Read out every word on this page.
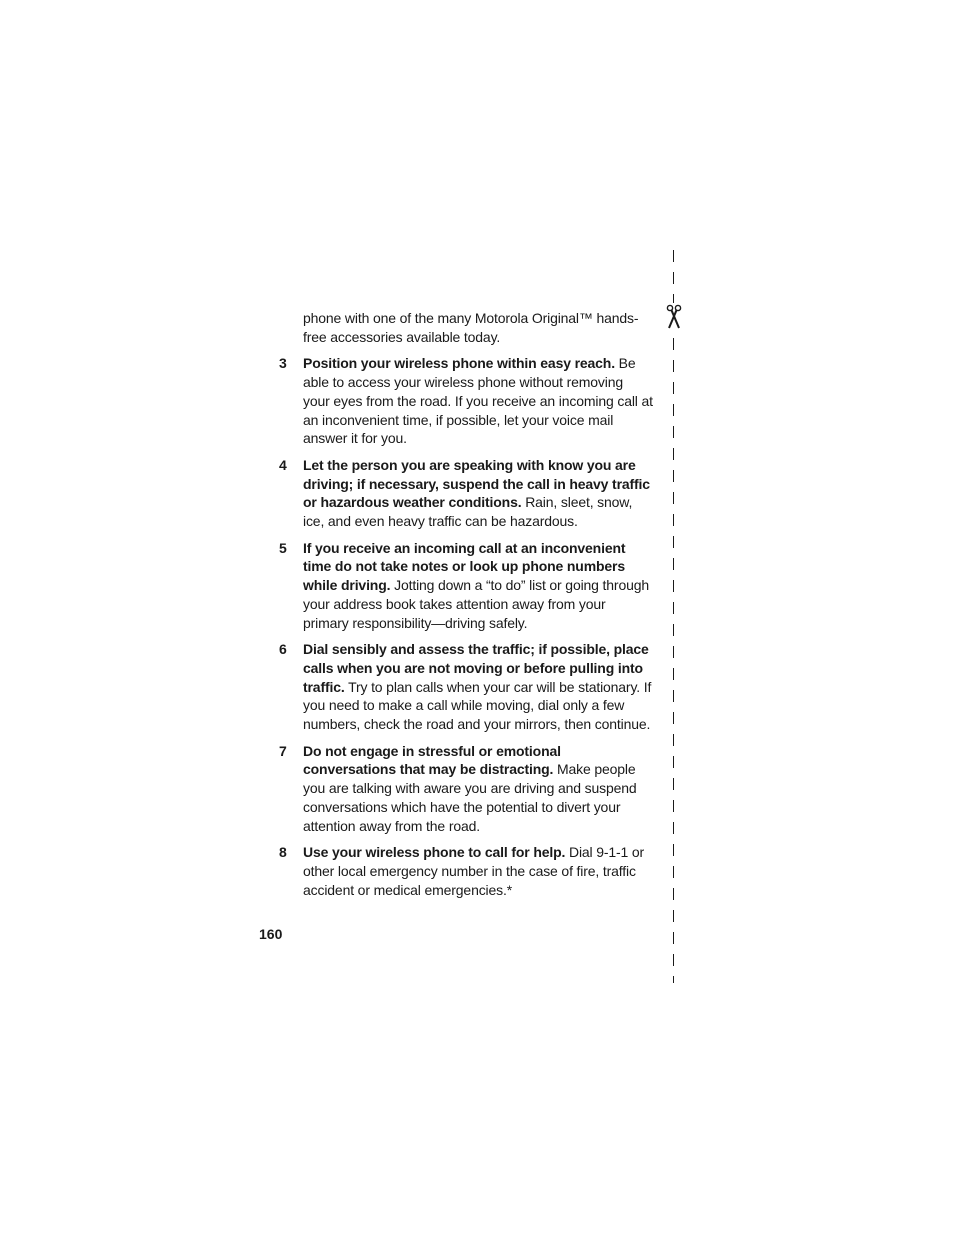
phone with one of the many Motorola Original™ hands-free accessories available today.

3 Position your wireless phone within easy reach. Be able to access your wireless phone without removing your eyes from the road. If you receive an incoming call at an inconvenient time, if possible, let your voice mail answer it for you.
4 Let the person you are speaking with know you are driving; if necessary, suspend the call in heavy traffic or hazardous weather conditions. Rain, sleet, snow, ice, and even heavy traffic can be hazardous.
5 If you receive an incoming call at an inconvenient time do not take notes or look up phone numbers while driving. Jotting down a “to do” list or going through your address book takes attention away from your primary responsibility—driving safely.
6 Dial sensibly and assess the traffic; if possible, place calls when you are not moving or before pulling into traffic. Try to plan calls when your car will be stationary. If you need to make a call while moving, dial only a few numbers, check the road and your mirrors, then continue.
7 Do not engage in stressful or emotional conversations that may be distracting. Make people you are talking with aware you are driving and suspend conversations which have the potential to divert your attention away from the road.
8 Use your wireless phone to call for help. Dial 9-1-1 or other local emergency number in the case of fire, traffic accident or medical emergencies.*
160
